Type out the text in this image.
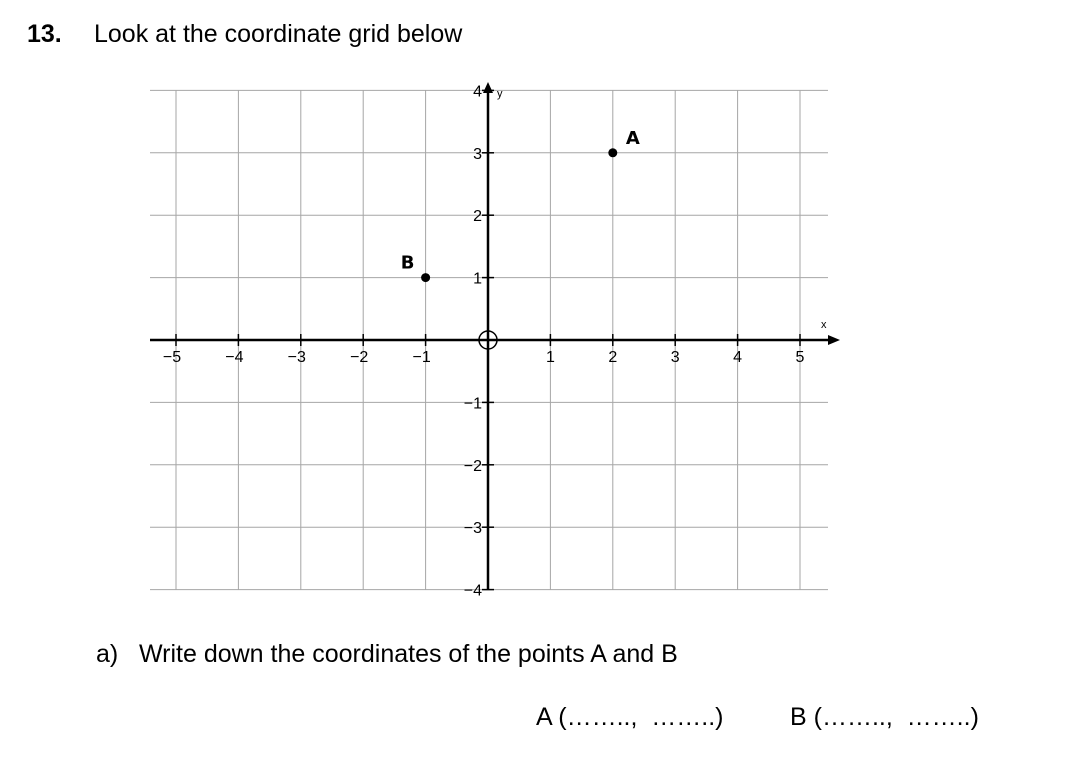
13. Look at the coordinate grid below
x
y
−5	−4	−3	−2	−1	1	2	3	4	5
4
3
2
1
−1
−2
−3
−4
A
B
a) Write down the coordinates of the points A and B
A (……..,  ……..)	B (……..,  ……..)
